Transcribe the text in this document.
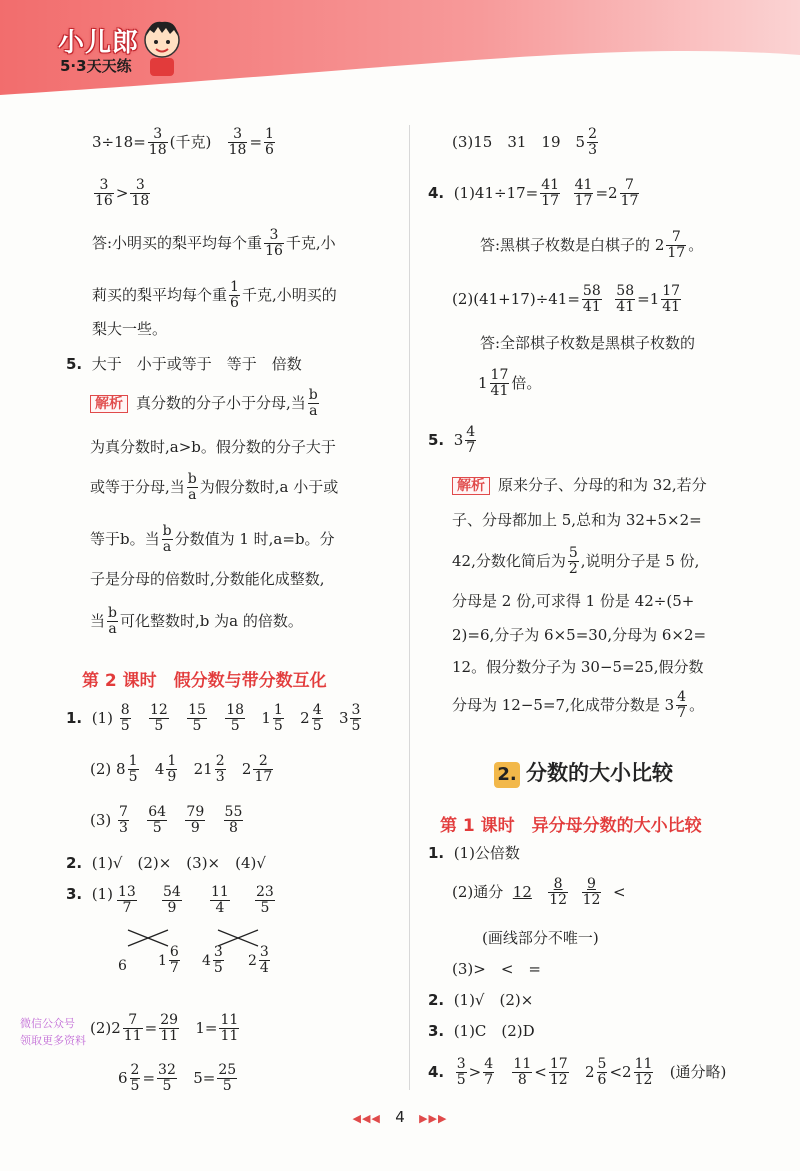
小儿郎
5·3天天练
$3\div 18= \frac{3}{18}$ (千克) $\frac{3}{18} = \frac{1}{6}$
$\frac{3}{16} > \frac{3}{18}$
答:小明买的梨平均每个重 $\frac{3}{16}$ 千克,小
莉买的梨平均每个重 $\frac{1}{6}$ 千克,小明买的
梨大一些。
5. 大于　小于或等于　等于　倍数
解析 真分数的分子小于分母,当 $\frac{b}{a}$
为真分数时,a>b。假分数的分子大于
或等于分母,当 $\frac{b}{a}$ 为假分数时,a 小于或
等于b。当 $\frac{b}{a}$ 分数值为 1 时,a=b。分
子是分母的倍数时,分数能化成整数,
当 $\frac{b}{a}$ 可化整数时,b 为a 的倍数。
第 2 课时　假分数与带分数互化
1. $(1) \frac{8}{5}$
$\frac{12}{5}$
$\frac{15}{5}$
$\frac{18}{5} 1 \frac{1}{5} 2 \frac{4}{5} 3 \frac{3}{5}$
(2) $8 \frac{1}{5} 4 \frac{1}{9} 21 \frac{2}{3} 2 \frac{2}{17}$
$(3) \frac{7}{3}$
$\frac{64}{5}$
$\frac{79}{9}$
$\frac{55}{8}$
2. (1)√　(2)×　(3)×　(4)√
3. $(1) \frac{13}{7} \frac{54}{9} \frac{11}{4} \frac{23}{5}$
6 $1 \frac{6}{7} 4 \frac{3}{5} 2 \frac{3}{4}$
$(2)2 \frac{7}{11} = \frac{29}{11} 1= \frac{11}{11}$
$6 \frac{2}{5} = \frac{32}{5} 5= \frac{25}{5}$
(3)15　31　19　$5 \frac{2}{3}$
4. $(1)41\div 17= \frac{41}{17}$
$\frac{41}{17} =2 \frac{7}{17}$
答:黑棋子枚数是白棋子的 $2 \frac{7}{17}$ 。
$(2)(41+17)\div 41= \frac{58}{41}$
$\frac{58}{41} =1 \frac{17}{41}$
答:全部棋子枚数是黑棋子枚数的
$1 \frac{17}{41}$ 倍。
5. $3 \frac{4}{7}$
解析 原来分子、分母的和为 32,若分
子、分母都加上 5,总和为 32+5×2=
42,分数化简后为 $\frac{5}{2}$ ,说明分子是 5 份,
分母是 2 份,可求得 1 份是 42÷(5+
2)=6,分子为 6×5=30,分母为 6×2=
12。假分数分子为 30−5=25,假分数
分母为 12−5=7,化成带分数是 $3 \frac{4}{7}$ 。
2. 分数的大小比较
第 1 课时　异分母分数的大小比较
1. (1)公倍数
(2)通分 $12 \frac{8}{12}$
$\frac{9}{12}$ <
(画线部分不唯一)
(3)>　<　=
2. (1)√　(2)×
3. (1)C　(2)D
4. $\frac{3}{5} > \frac{4}{7}$
$\frac{11}{8} < \frac{17}{12} 2 \frac{5}{6} <2 \frac{11}{12}$ (通分略)
微信公众号
领取更多资料
◀◀◀ 4 ▶▶▶
